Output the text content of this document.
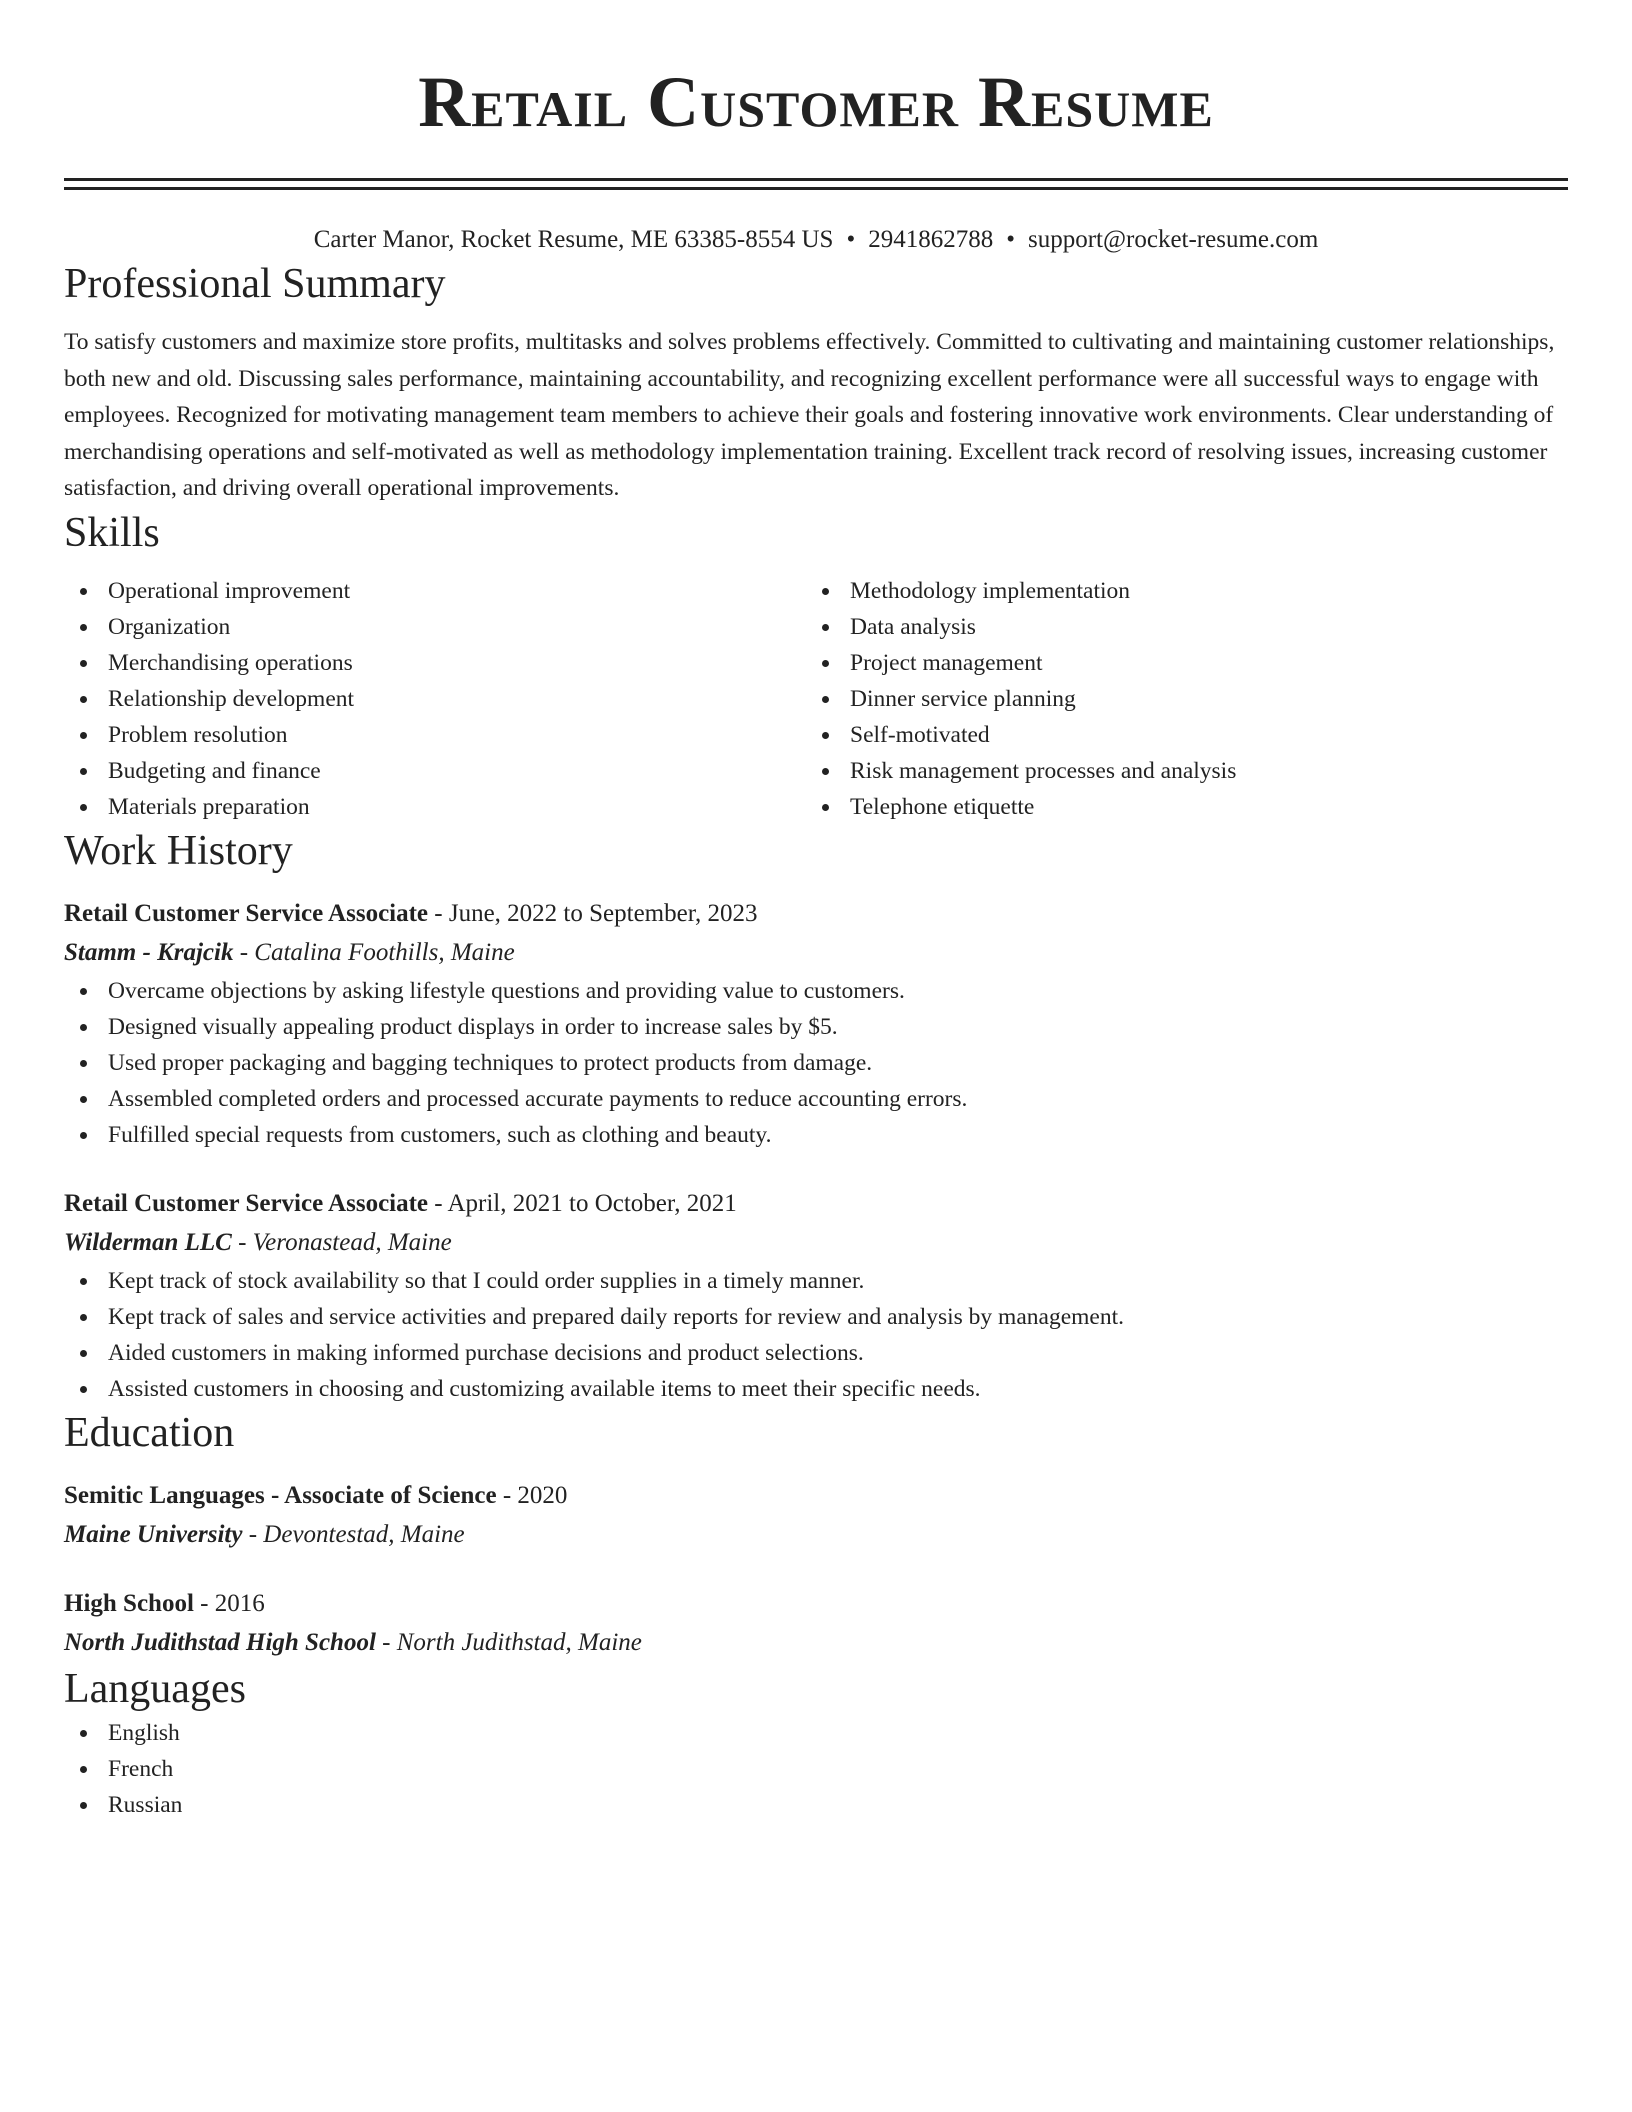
Retail Customer Resume
Carter Manor, Rocket Resume, ME 63385-8554 US • 2941862788 • support@rocket-resume.com
Professional Summary

To satisfy customers and maximize store profits, multitasks and solves problems effectively. Committed to cultivating and maintaining customer relationships, both new and old. Discussing sales performance, maintaining accountability, and recognizing excellent performance were all successful ways to engage with employees. Recognized for motivating management team members to achieve their goals and fostering innovative work environments. Clear understanding of merchandising operations and self-motivated as well as methodology implementation training. Excellent track record of resolving issues, increasing customer satisfaction, and driving overall operational improvements.

Skills
Operational improvement
Organization
Merchandising operations
Relationship development
Problem resolution
Budgeting and finance
Materials preparation
Methodology implementation
Data analysis
Project management
Dinner service planning
Self-motivated
Risk management processes and analysis
Telephone etiquette
Work History
Retail Customer Service Associate - June, 2022 to September, 2023
Stamm - Krajcik - Catalina Foothills, Maine
Overcame objections by asking lifestyle questions and providing value to customers.
Designed visually appealing product displays in order to increase sales by $5.
Used proper packaging and bagging techniques to protect products from damage.
Assembled completed orders and processed accurate payments to reduce accounting errors.
Fulfilled special requests from customers, such as clothing and beauty.
Retail Customer Service Associate - April, 2021 to October, 2021
Wilderman LLC - Veronastead, Maine
Kept track of stock availability so that I could order supplies in a timely manner.
Kept track of sales and service activities and prepared daily reports for review and analysis by management.
Aided customers in making informed purchase decisions and product selections.
Assisted customers in choosing and customizing available items to meet their specific needs.
Education
Semitic Languages - Associate of Science - 2020
Maine University - Devontestad, Maine
High School - 2016
North Judithstad High School - North Judithstad, Maine
Languages
English
French
Russian
